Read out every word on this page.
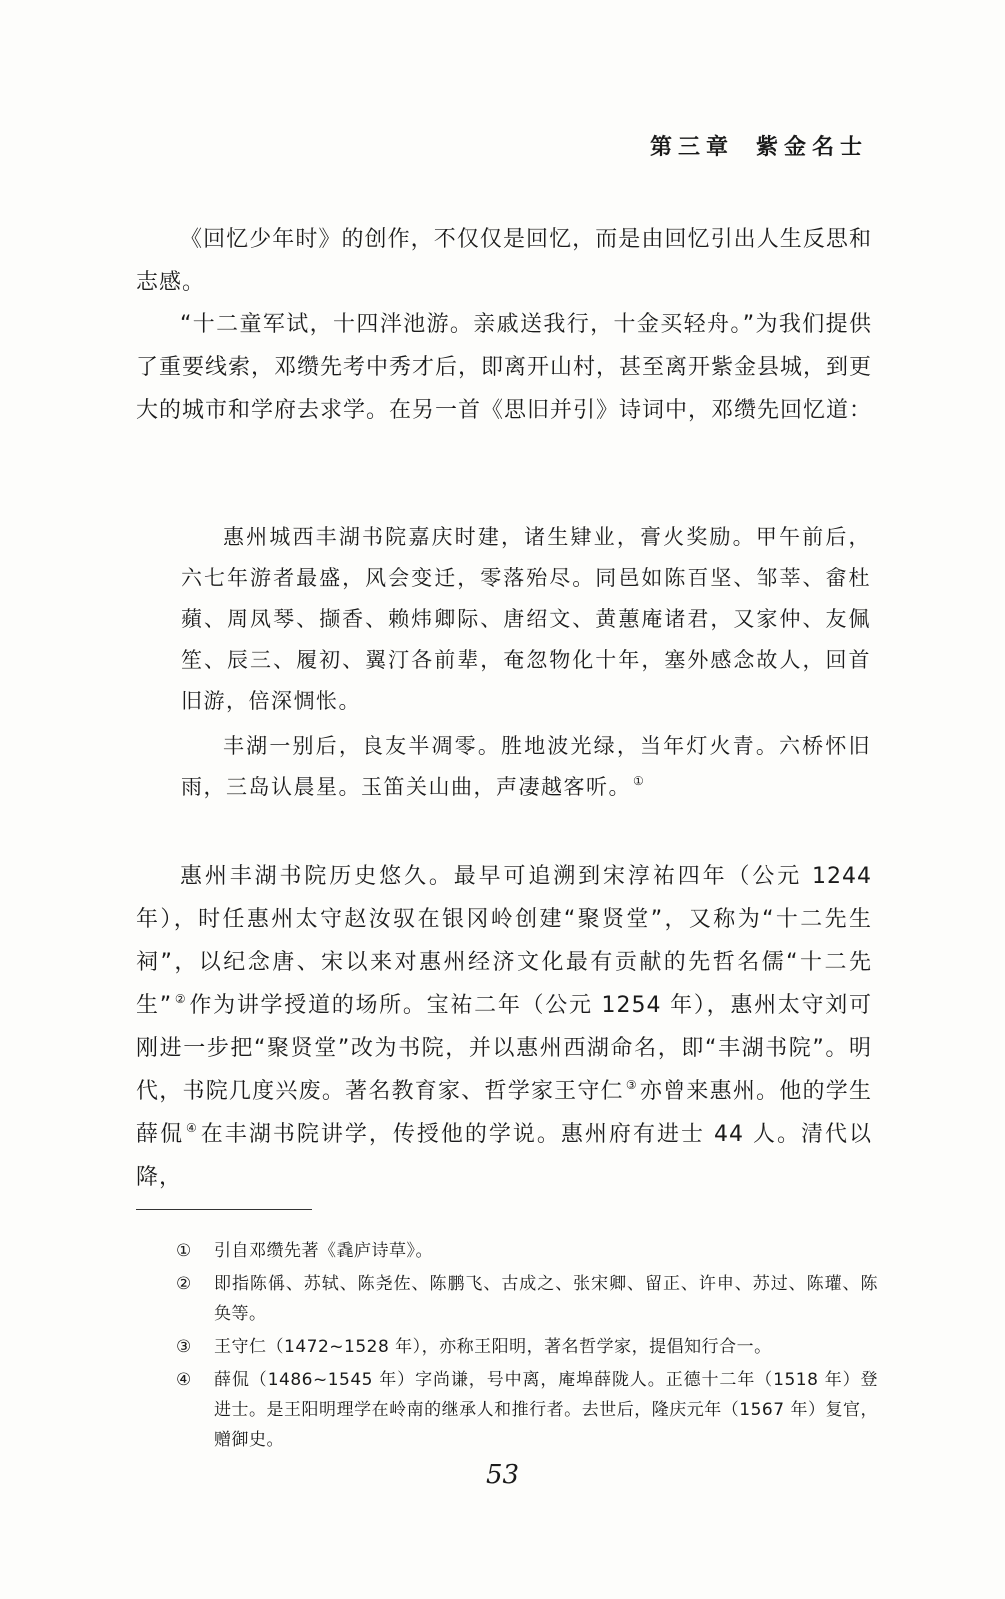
第三章 紫金名士

《回忆少年时》的创作，不仅仅是回忆，而是由回忆引出人生反思和志感。

“十二童军试，十四泮池游。亲戚送我行，十金买轻舟。”为我们提供了重要线索，邓缵先考中秀才后，即离开山村，甚至离开紫金县城，到更大的城市和学府去求学。在另一首《思旧并引》诗词中，邓缵先回忆道：

惠州城西丰湖书院嘉庆时建，诸生肄业，膏火奖励。甲午前后，六七年游者最盛，风会变迁，零落殆尽。同邑如陈百坚、邹莘、畲杜蘋、周凤琴、撷香、赖炜卿际、唐绍文、黄蕙庵诸君，又家仲、友佩笙、辰三、履初、翼汀各前辈，奄忽物化十年，塞外感念故人，回首旧游，倍深惆怅。

丰湖一别后，良友半凋零。胜地波光绿，当年灯火青。六桥怀旧雨，三岛认晨星。玉笛关山曲，声凄越客听。 ①

惠州丰湖书院历史悠久。最早可追溯到宋淳祐四年（公元 1244 年），时任惠州太守赵汝驭在银冈岭创建“聚贤堂”，又称为“十二先生祠”，以纪念唐、宋以来对惠州经济文化最有贡献的先哲名儒“十二先生” ②作为讲学授道的场所。宝祐二年（公元 1254 年），惠州太守刘可刚进一步把“聚贤堂”改为书院，并以惠州西湖命名，即“丰湖书院”。明代，书院几度兴废。著名教育家、哲学家王守仁 ③亦曾来惠州。他的学生薛侃 ④在丰湖书院讲学，传授他的学说。惠州府有进士 44 人。清代以降，

①	引自邓缵先著《毳庐诗草》。
②	即指陈偁、苏轼、陈尧佐、陈鹏飞、古成之、张宋卿、留正、许申、苏过、陈瓘、陈奂等。
③	王守仁（1472~1528 年），亦称王阳明，著名哲学家，提倡知行合一。
④	薛侃（1486~1545 年）字尚谦，号中离，庵埠薛陇人。正德十二年（1518 年）登进士。是王阳明理学在岭南的继承人和推行者。去世后，隆庆元年（1567 年）复官，赠御史。
53
